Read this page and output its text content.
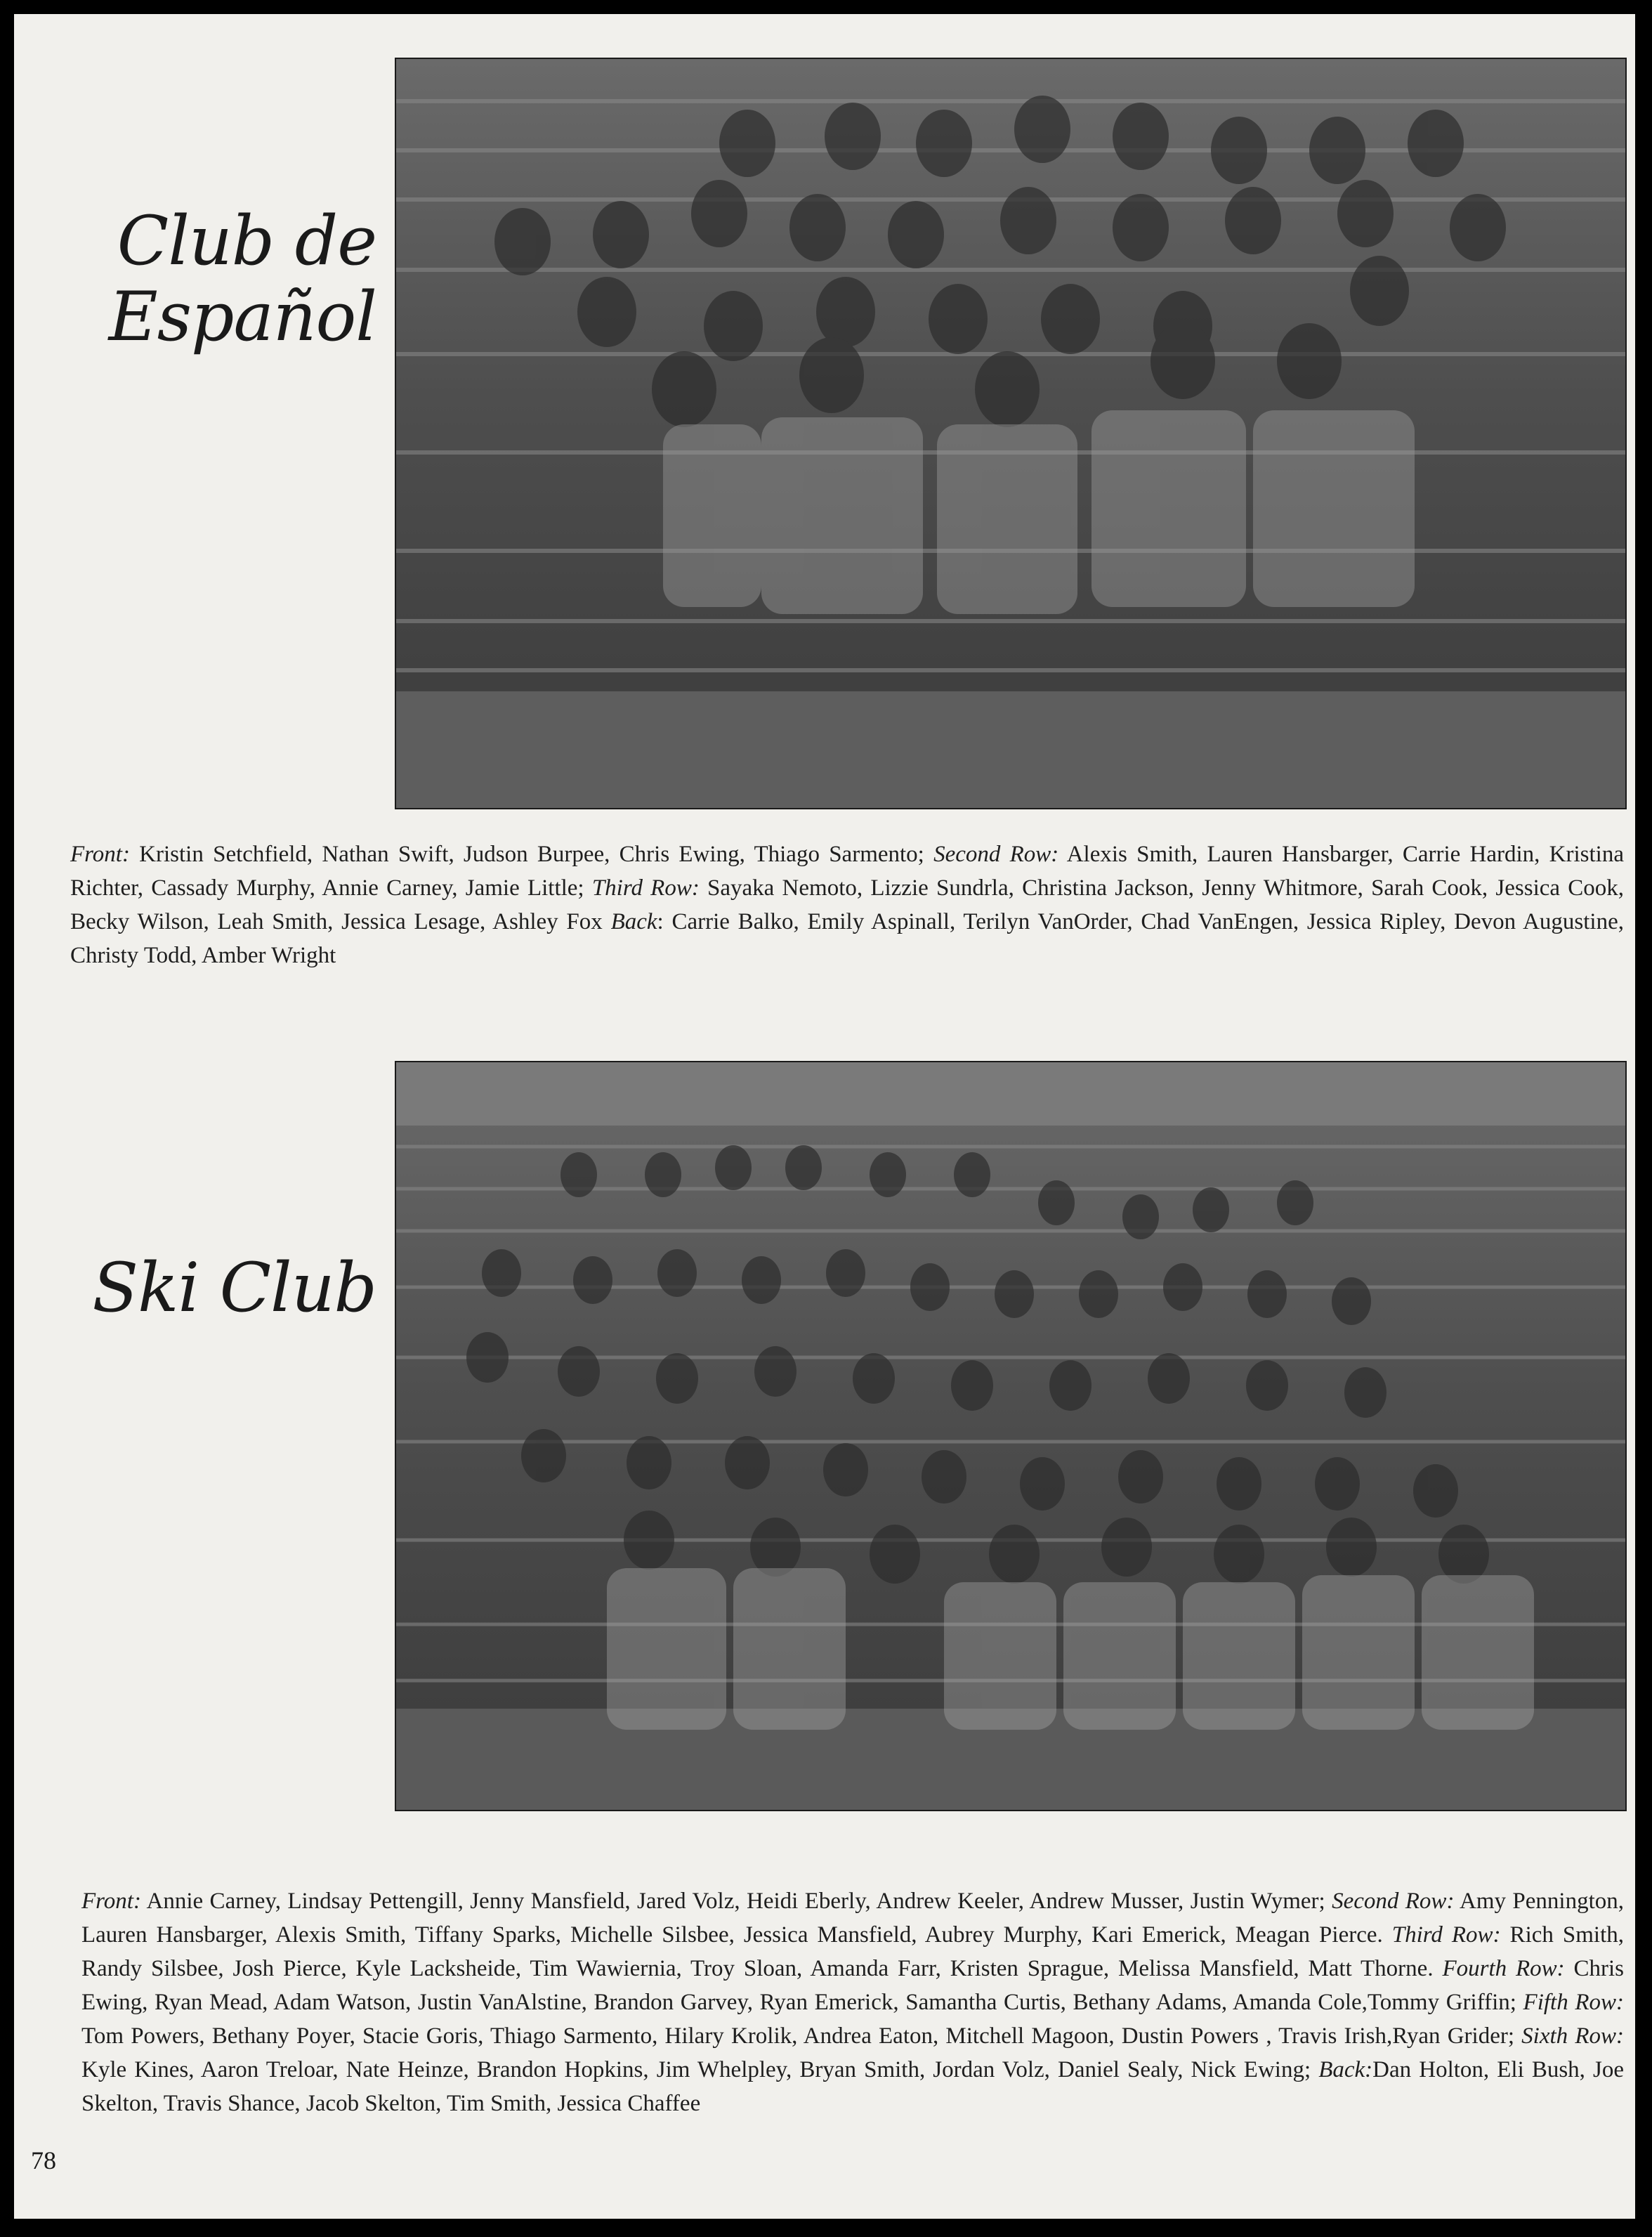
Club de
Español

Front: Kristin Setchfield, Nathan Swift, Judson Burpee, Chris Ewing, Thiago Sarmento; Second Row: Alexis Smith, Lauren Hansbarger, Carrie Hardin, Kristina Richter, Cassady Murphy, Annie Carney, Jamie Little; Third Row: Sayaka Nemoto, Lizzie Sundrla, Christina Jackson, Jenny Whitmore, Sarah Cook, Jessica Cook, Becky Wilson, Leah Smith, Jessica Lesage, Ashley Fox Back: Carrie Balko, Emily Aspinall, Terilyn VanOrder, Chad VanEngen, Jessica Ripley, Devon Augustine, Christy Todd, Amber Wright

Ski Club

Front: Annie Carney, Lindsay Pettengill, Jenny Mansfield, Jared Volz, Heidi Eberly, Andrew Keeler, Andrew Musser, Justin Wymer; Second Row: Amy Pennington, Lauren Hansbarger, Alexis Smith, Tiffany Sparks, Michelle Silsbee, Jessica Mansfield, Aubrey Murphy, Kari Emerick, Meagan Pierce. Third Row: Rich Smith, Randy Silsbee, Josh Pierce, Kyle Lacksheide, Tim Wawiernia, Troy Sloan, Amanda Farr, Kristen Sprague, Melissa Mansfield, Matt Thorne. Fourth Row: Chris Ewing, Ryan Mead, Adam Watson, Justin VanAlstine, Brandon Garvey, Ryan Emerick, Samantha Curtis, Bethany Adams, Amanda Cole,Tommy Griffin; Fifth Row: Tom Powers, Bethany Poyer, Stacie Goris, Thiago Sarmento, Hilary Krolik, Andrea Eaton, Mitchell Magoon, Dustin Powers , Travis Irish,Ryan Grider; Sixth Row: Kyle Kines, Aaron Treloar, Nate Heinze, Brandon Hopkins, Jim Whelpley, Bryan Smith, Jordan Volz, Daniel Sealy, Nick Ewing; Back:Dan Holton, Eli Bush, Joe Skelton, Travis Shance, Jacob Skelton, Tim Smith, Jessica Chaffee

78
